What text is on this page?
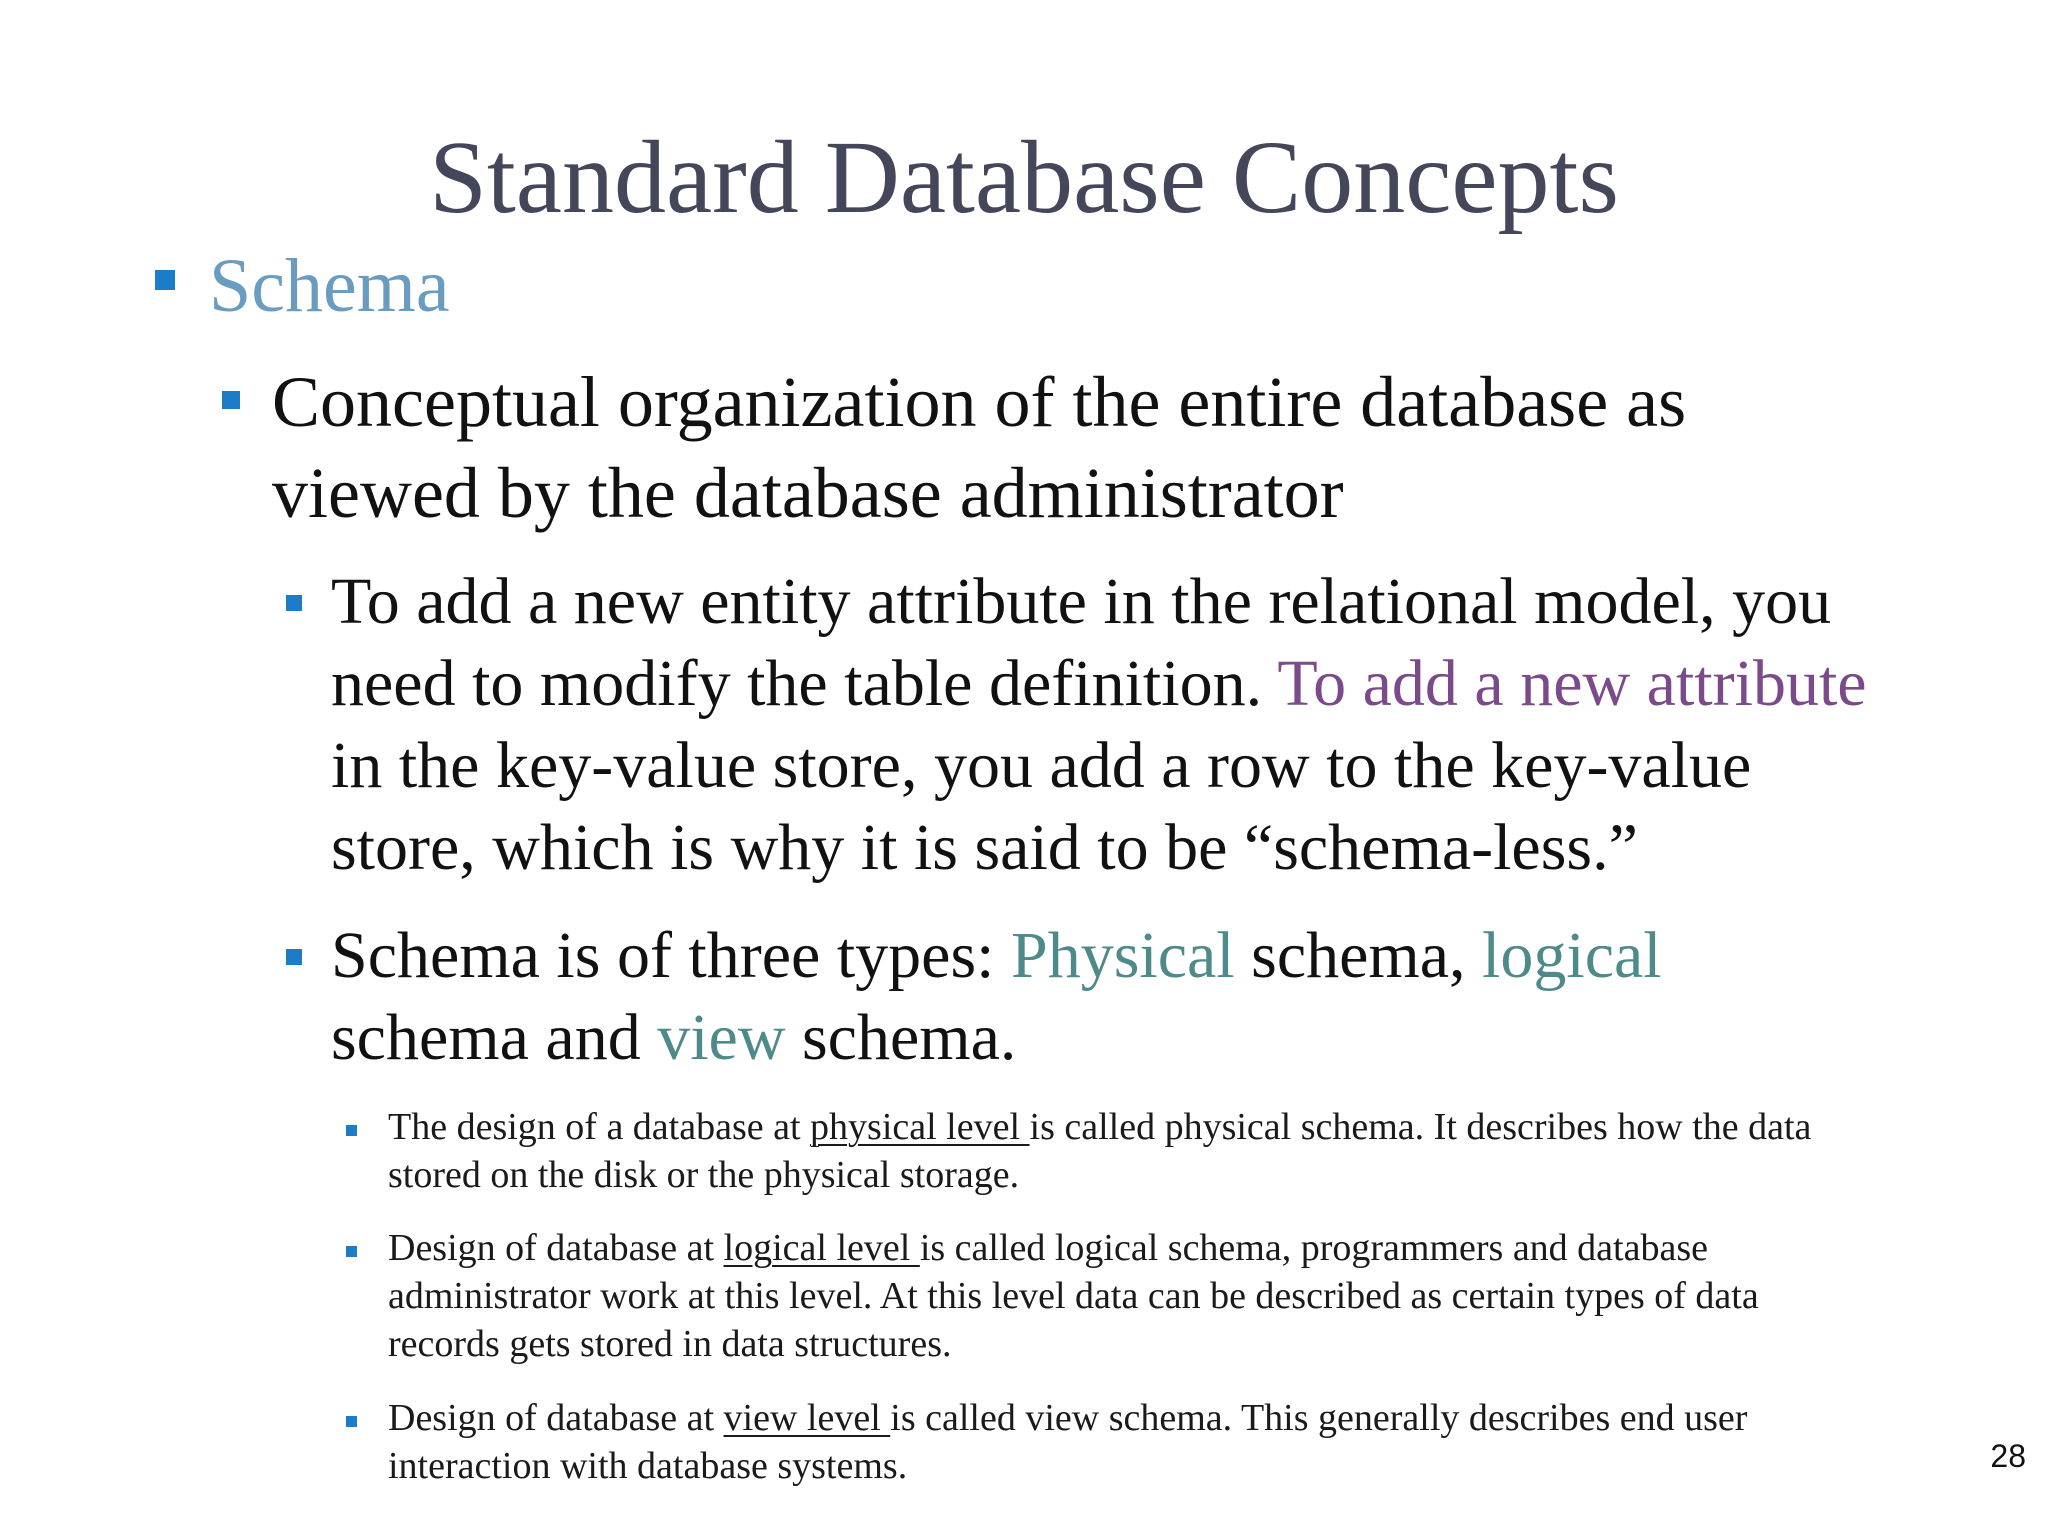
Standard Database Concepts
Schema
Conceptual organization of the entire database as
viewed by the database administrator
To add a new entity attribute in the relational model, you
need to modify the table definition. To add a new attribute
in the key-value store, you add a row to the key-value
store, which is why it is said to be “schema-less.”
Schema is of three types: Physical schema, logical
schema and view schema.
The design of a database at physical level is called physical schema. It describes how the data
stored on the disk or the physical storage.
Design of database at logical level is called logical schema, programmers and database
administrator work at this level. At this level data can be described as certain types of data
records gets stored in data structures.
Design of database at view level is called view schema. This generally describes end user
interaction with database systems.	28
